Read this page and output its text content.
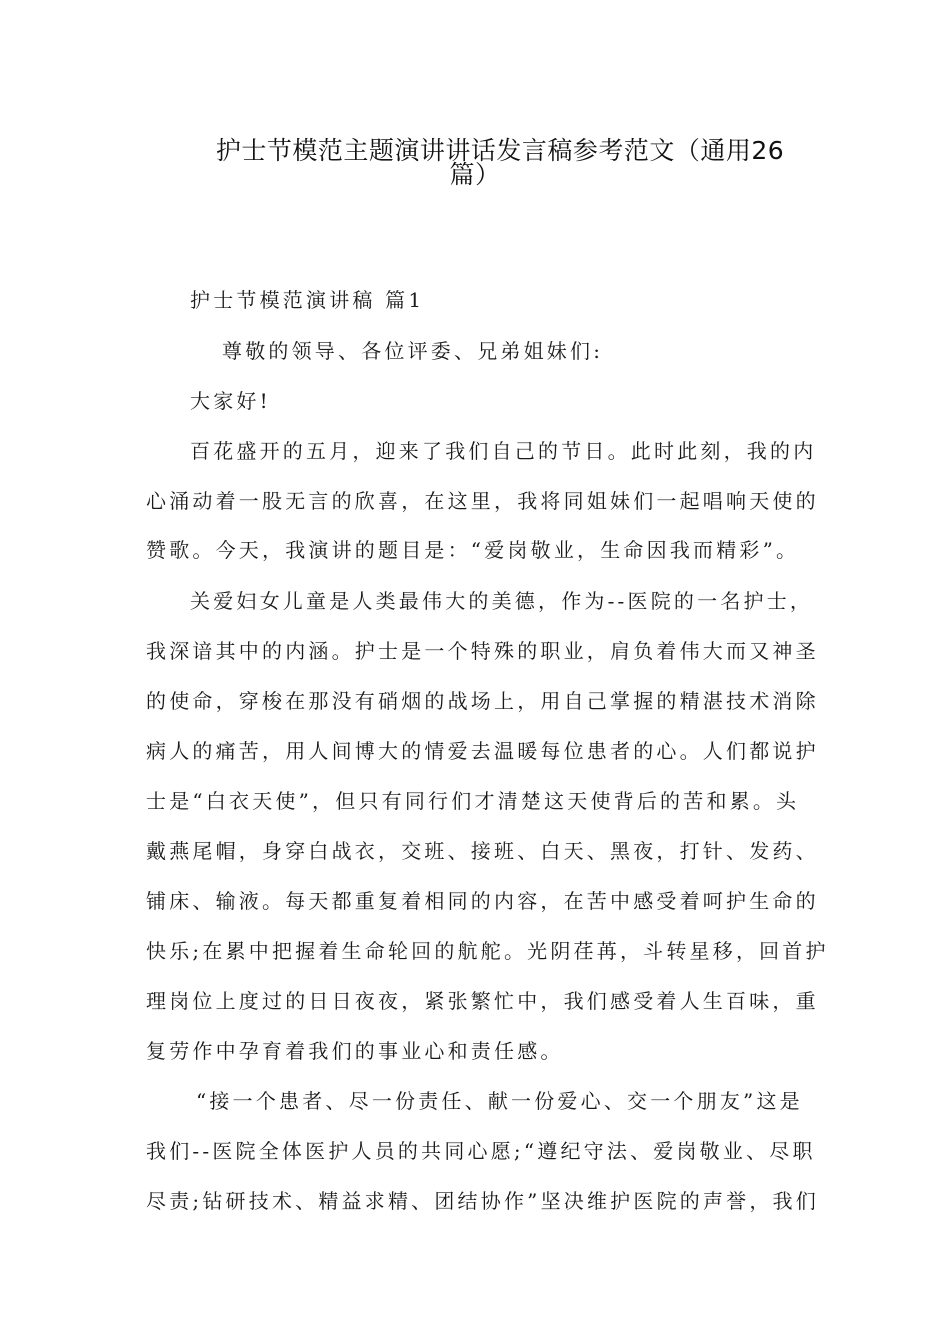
护士节模范主题演讲讲话发言稿参考范文（通用26
篇）
护士节模范演讲稿 篇1
尊敬的领导、各位评委、兄弟姐妹们:
大家好!
百花盛开的五月，迎来了我们自己的节日。此时此刻，我的内
心涌动着一股无言的欣喜，在这里，我将同姐妹们一起唱响天使的
赞歌。今天，我演讲的题目是：“爱岗敬业，生命因我而精彩”。
关爱妇女儿童是人类最伟大的美德，作为--医院的一名护士，
我深谙其中的内涵。护士是一个特殊的职业，肩负着伟大而又神圣
的使命，穿梭在那没有硝烟的战场上，用自己掌握的精湛技术消除
病人的痛苦，用人间博大的情爱去温暖每位患者的心。人们都说护
士是“白衣天使”，但只有同行们才清楚这天使背后的苦和累。头
戴燕尾帽，身穿白战衣，交班、接班、白天、黑夜，打针、发药、
铺床、输液。每天都重复着相同的内容，在苦中感受着呵护生命的
快乐;在累中把握着生命轮回的航舵。光阴荏苒，斗转星移，回首护
理岗位上度过的日日夜夜，紧张繁忙中，我们感受着人生百味，重
复劳作中孕育着我们的事业心和责任感。
“接一个患者、尽一份责任、献一份爱心、交一个朋友”这是
我们--医院全体医护人员的共同心愿;“遵纪守法、爱岗敬业、尽职
尽责;钻研技术、精益求精、团结协作”坚决维护医院的声誉，我们
